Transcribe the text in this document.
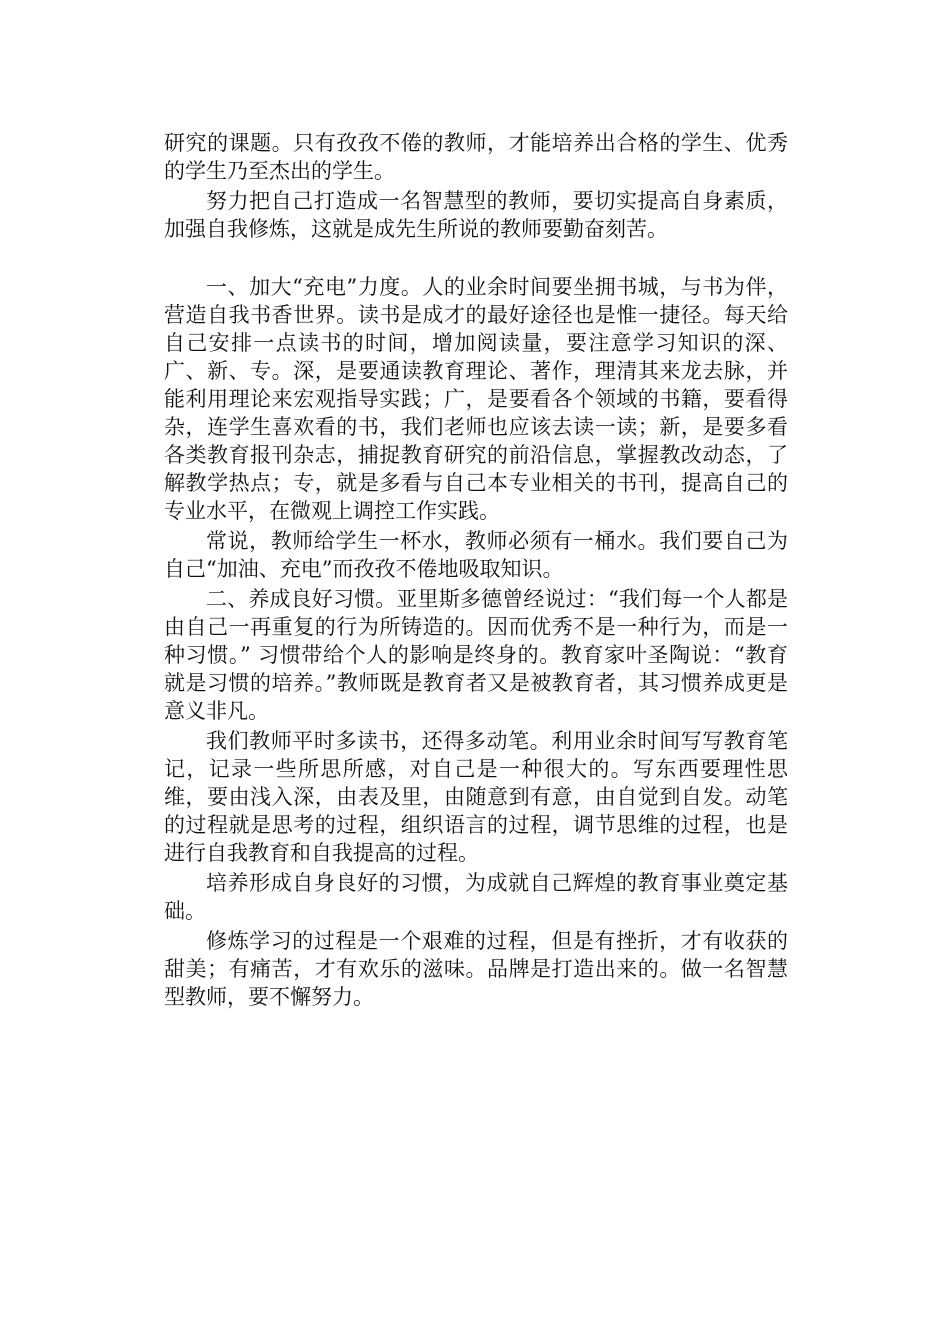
研究的课题。只有孜孜不倦的教师，才能培养出合格的学生、优秀的学生乃至杰出的学生。

努力把自己打造成一名智慧型的教师，要切实提高自身素质，加强自我修炼，这就是成先生所说的教师要勤奋刻苦。

一、加大“充电”力度。人的业余时间要坐拥书城，与书为伴，营造自我书香世界。读书是成才的最好途径也是惟一捷径。每天给自己安排一点读书的时间，增加阅读量，要注意学习知识的深、广、新、专。深，是要通读教育理论、著作，理清其来龙去脉，并能利用理论来宏观指导实践；广，是要看各个领域的书籍，要看得杂，连学生喜欢看的书，我们老师也应该去读一读；新，是要多看各类教育报刊杂志，捕捉教育研究的前沿信息，掌握教改动态，了解教学热点；专，就是多看与自己本专业相关的书刊，提高自己的专业水平，在微观上调控工作实践。

常说，教师给学生一杯水，教师必须有一桶水。我们要自己为自己“加油、充电”而孜孜不倦地吸取知识。

二、养成良好习惯。亚里斯多德曾经说过：“我们每一个人都是由自己一再重复的行为所铸造的。因而优秀不是一种行为，而是一种习惯。” 习惯带给个人的影响是终身的。教育家叶圣陶说：“教育就是习惯的培养。”教师既是教育者又是被教育者，其习惯养成更是意义非凡。

我们教师平时多读书，还得多动笔。利用业余时间写写教育笔记，记录一些所思所感，对自己是一种很大的。写东西要理性思维，要由浅入深，由表及里，由随意到有意，由自觉到自发。动笔的过程就是思考的过程，组织语言的过程，调节思维的过程，也是进行自我教育和自我提高的过程。

培养形成自身良好的习惯，为成就自己辉煌的教育事业奠定基础。

修炼学习的过程是一个艰难的过程，但是有挫折，才有收获的甜美；有痛苦，才有欢乐的滋味。品牌是打造出来的。做一名智慧型教师，要不懈努力。
